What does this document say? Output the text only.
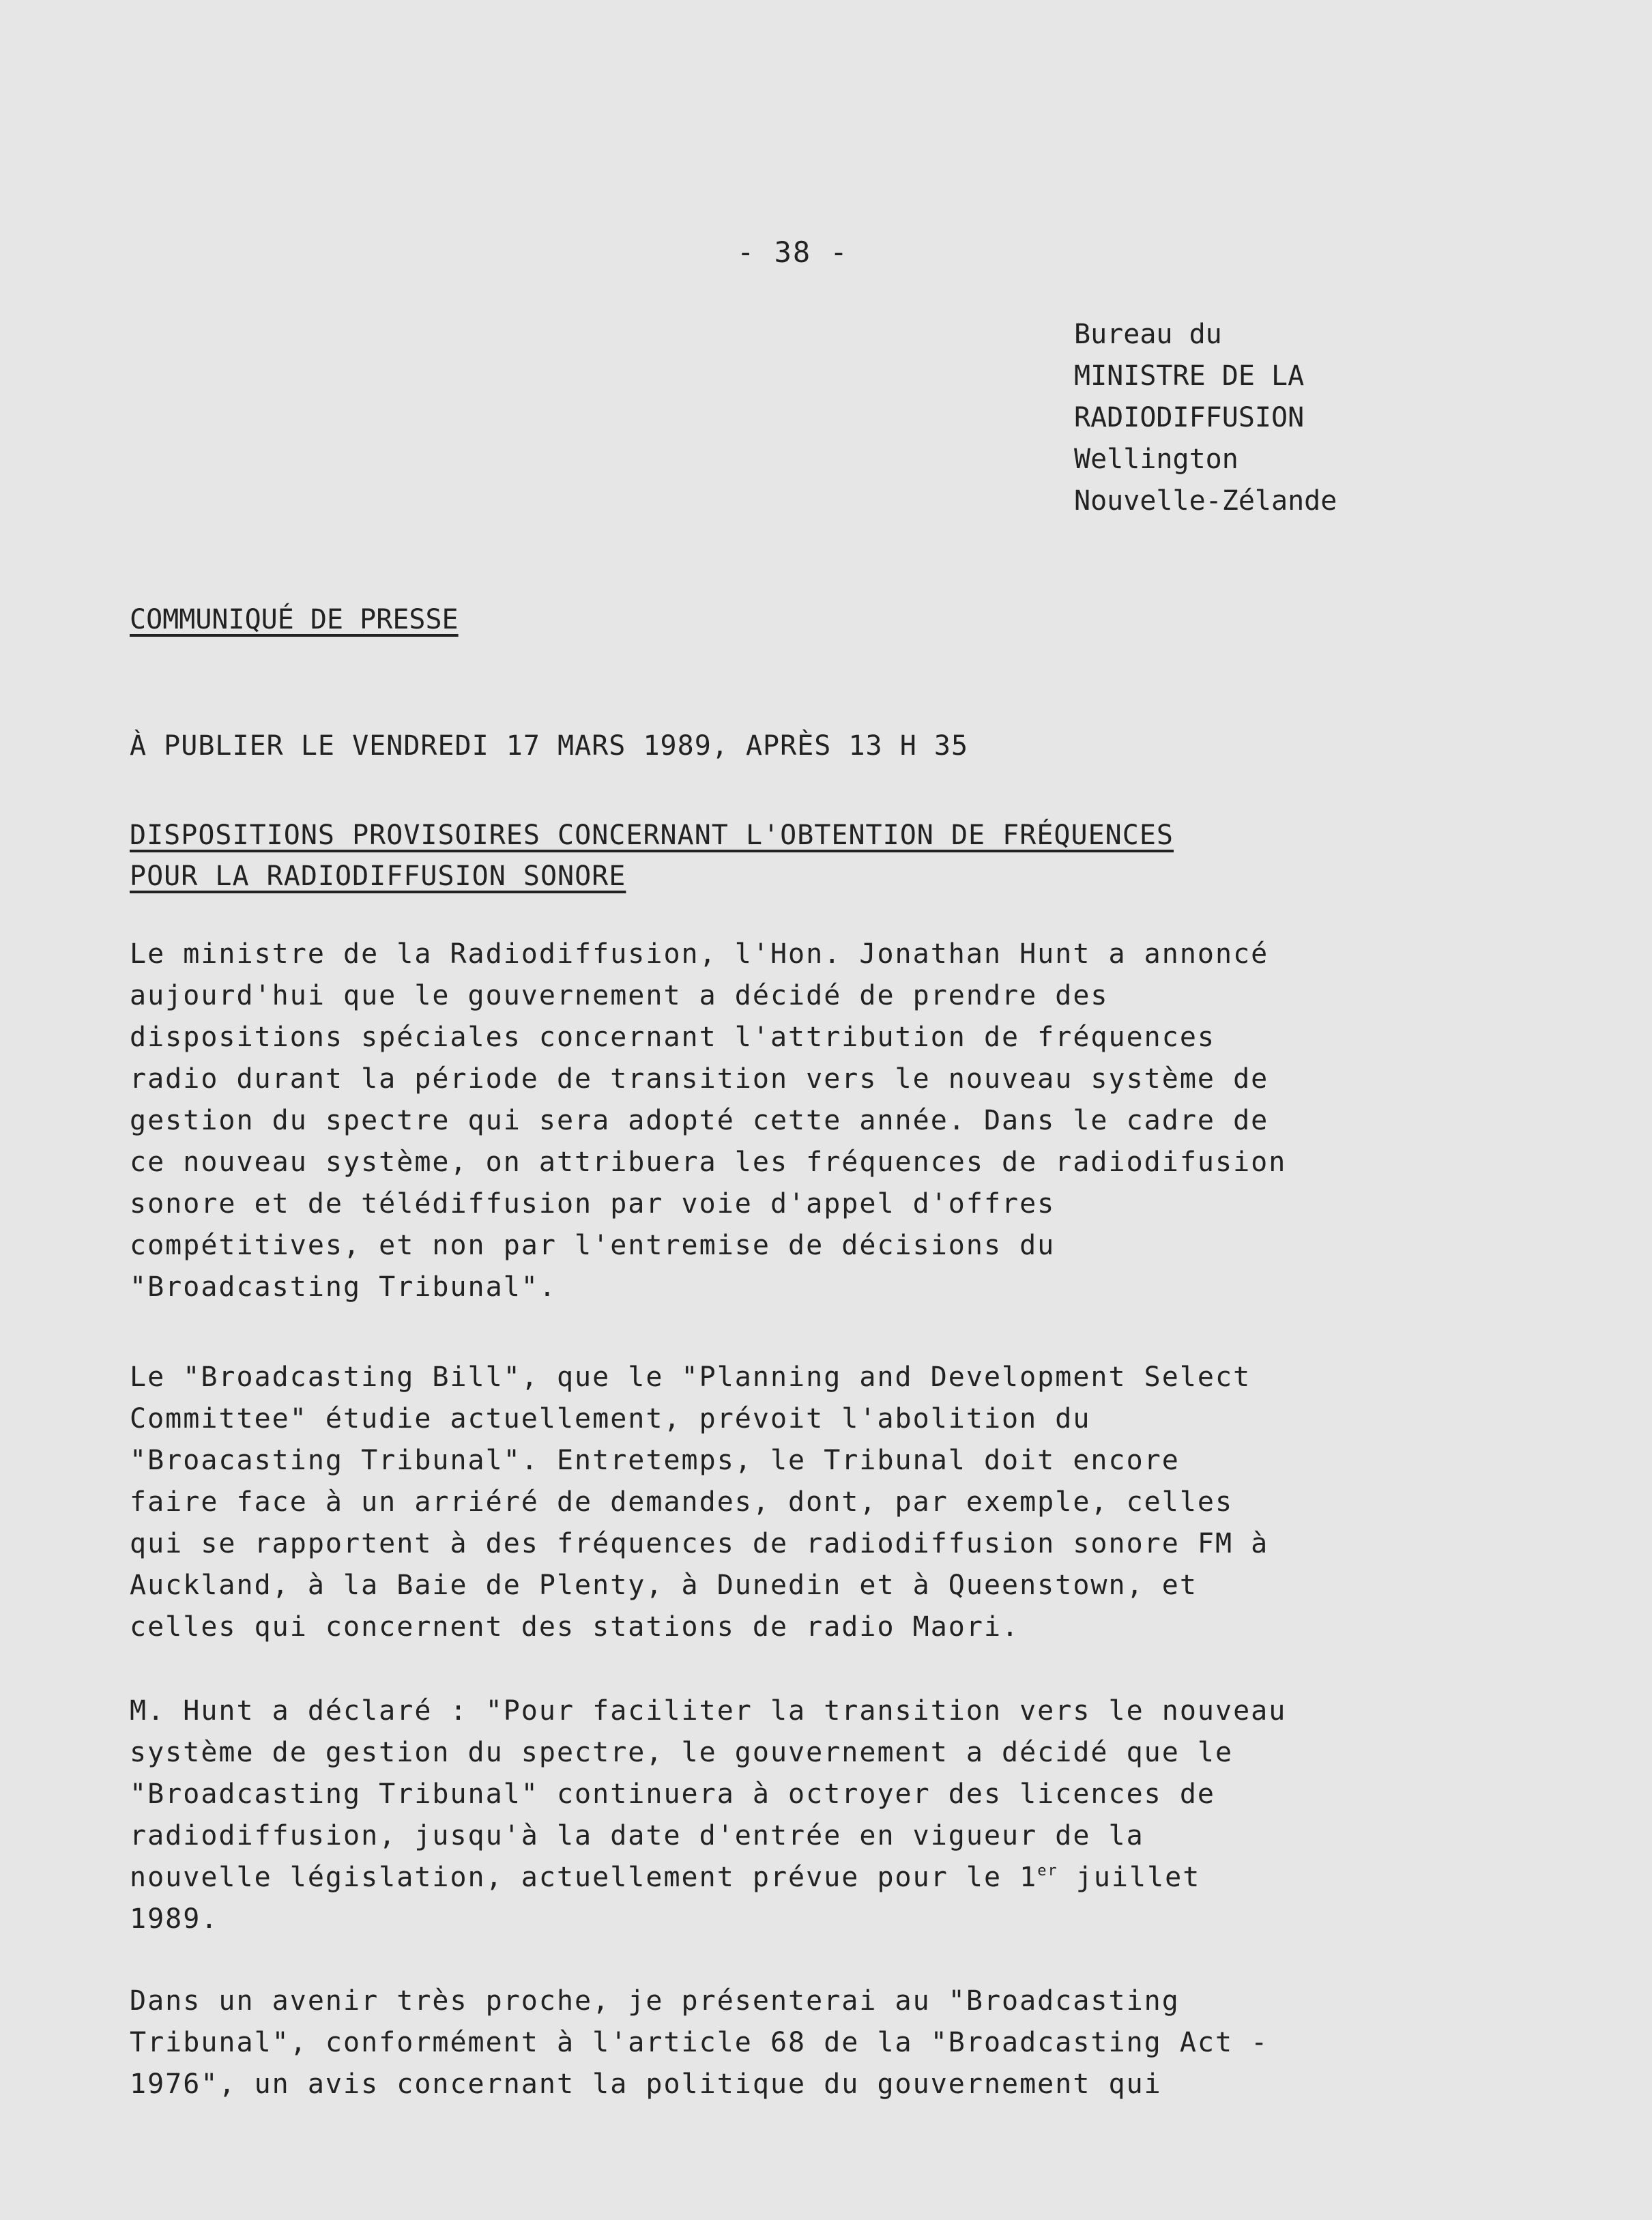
- 38 -
Bureau du
MINISTRE DE LA
RADIODIFFUSION
Wellington
Nouvelle-Zélande
COMMUNIQUÉ DE PRESSE
À PUBLIER LE VENDREDI 17 MARS 1989, APRÈS 13 H 35
DISPOSITIONS PROVISOIRES CONCERNANT L'OBTENTION DE FRÉQUENCES
POUR LA RADIODIFFUSION SONORE
Le ministre de la Radiodiffusion, l'Hon. Jonathan Hunt a annoncé
aujourd'hui que le gouvernement a décidé de prendre des
dispositions spéciales concernant l'attribution de fréquences
radio durant la période de transition vers le nouveau système de
gestion du spectre qui sera adopté cette année. Dans le cadre de
ce nouveau système, on attribuera les fréquences de radiodifusion
sonore et de télédiffusion par voie d'appel d'offres
compétitives, et non par l'entremise de décisions du
"Broadcasting Tribunal".
Le "Broadcasting Bill", que le "Planning and Development Select
Committee" étudie actuellement, prévoit l'abolition du
"Broacasting Tribunal". Entretemps, le Tribunal doit encore
faire face à un arriéré de demandes, dont, par exemple, celles
qui se rapportent à des fréquences de radiodiffusion sonore FM à
Auckland, à la Baie de Plenty, à Dunedin et à Queenstown, et
celles qui concernent des stations de radio Maori.
M. Hunt a déclaré : "Pour faciliter la transition vers le nouveau
système de gestion du spectre, le gouvernement a décidé que le
"Broadcasting Tribunal" continuera à octroyer des licences de
radiodiffusion, jusqu'à la date d'entrée en vigueur de la
nouvelle législation, actuellement prévue pour le 1er juillet
1989.
Dans un avenir très proche, je présenterai au "Broadcasting
Tribunal", conformément à l'article 68 de la "Broadcasting Act -
1976", un avis concernant la politique du gouvernement qui
